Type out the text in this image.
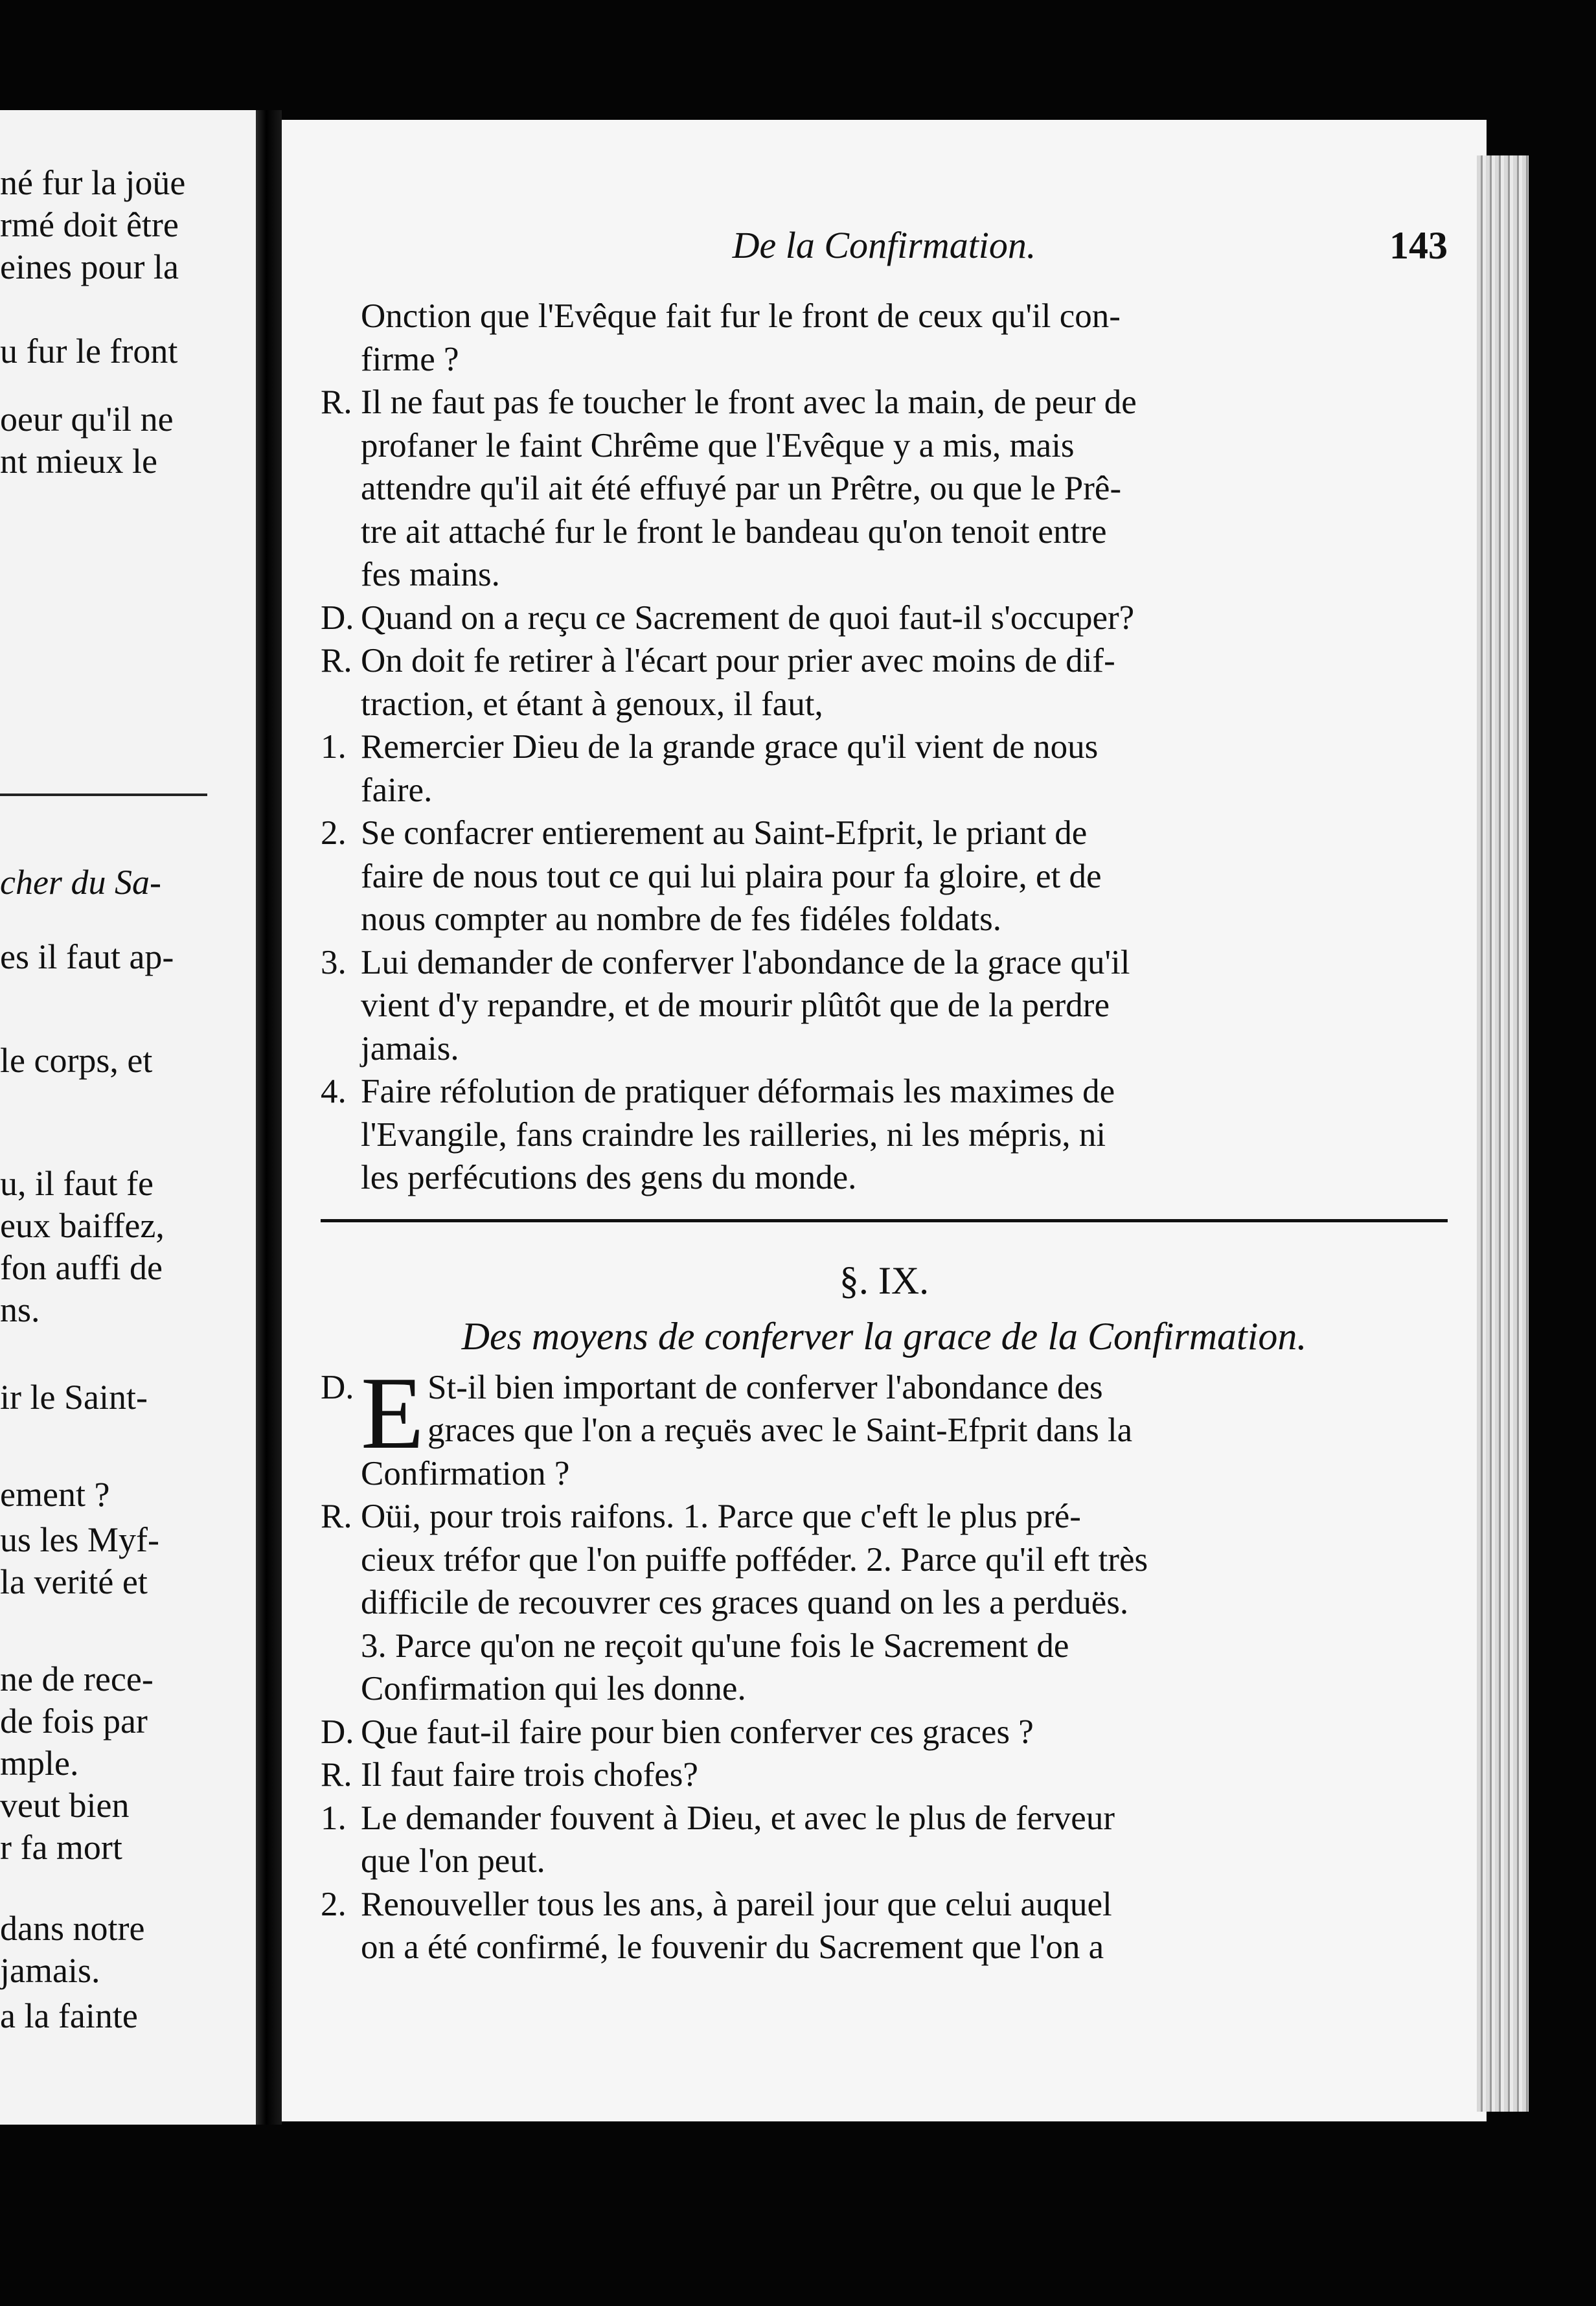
né fur la joüe
rmé doit être
eines pour la
u fur le front
oeur qu'il ne
nt mieux le
cher du Sa-
es il faut ap-
le corps, et
u, il faut fe
eux baiffez,
fon auffi de
ns.
ir le Saint-
ement ?
us les Myf-
la verité et
ne de rece-
de fois par
mple.
veut bien
r fa mort
dans notre
jamais.
a la fainte
De la Confirmation.	143
Onction que l'Evêque fait fur le front de ceux qu'il con-
firme ?
R. Il ne faut pas fe toucher le front avec la main, de peur de
profaner le faint Chrême que l'Evêque y a mis, mais
attendre qu'il ait été effuyé par un Prêtre, ou que le Prê-
tre ait attaché fur le front le bandeau qu'on tenoit entre
fes mains.
D. Quand on a reçu ce Sacrement de quoi faut-il s'occuper?
R. On doit fe retirer à l'écart pour prier avec moins de dif-
traction, et étant à genoux, il faut,
1. Remercier Dieu de la grande grace qu'il vient de nous
faire.
2. Se confacrer entierement au Saint-Efprit, le priant de
faire de nous tout ce qui lui plaira pour fa gloire, et de
nous compter au nombre de fes fidéles foldats.
3. Lui demander de conferver l'abondance de la grace qu'il
vient d'y repandre, et de mourir plûtôt que de la perdre
jamais.
4. Faire réfolution de pratiquer déformais les maximes de
l'Evangile, fans craindre les railleries, ni les mépris, ni
les perfécutions des gens du monde.
§. IX.
Des moyens de conferver la grace de la Confirmation.
E
D. St-il bien important de conferver l'abondance des
graces que l'on a reçuës avec le Saint-Efprit dans la
Confirmation ?
R. Oüi, pour trois raifons. 1. Parce que c'eft le plus pré-
cieux tréfor que l'on puiffe pofféder. 2. Parce qu'il eft très
difficile de recouvrer ces graces quand on les a perduës.
3. Parce qu'on ne reçoit qu'une fois le Sacrement de
Confirmation qui les donne.
D. Que faut-il faire pour bien conferver ces graces ?
R. Il faut faire trois chofes?
1. Le demander fouvent à Dieu, et avec le plus de ferveur
que l'on peut.
2. Renouveller tous les ans, à pareil jour que celui auquel
on a été confirmé, le fouvenir du Sacrement que l'on a
